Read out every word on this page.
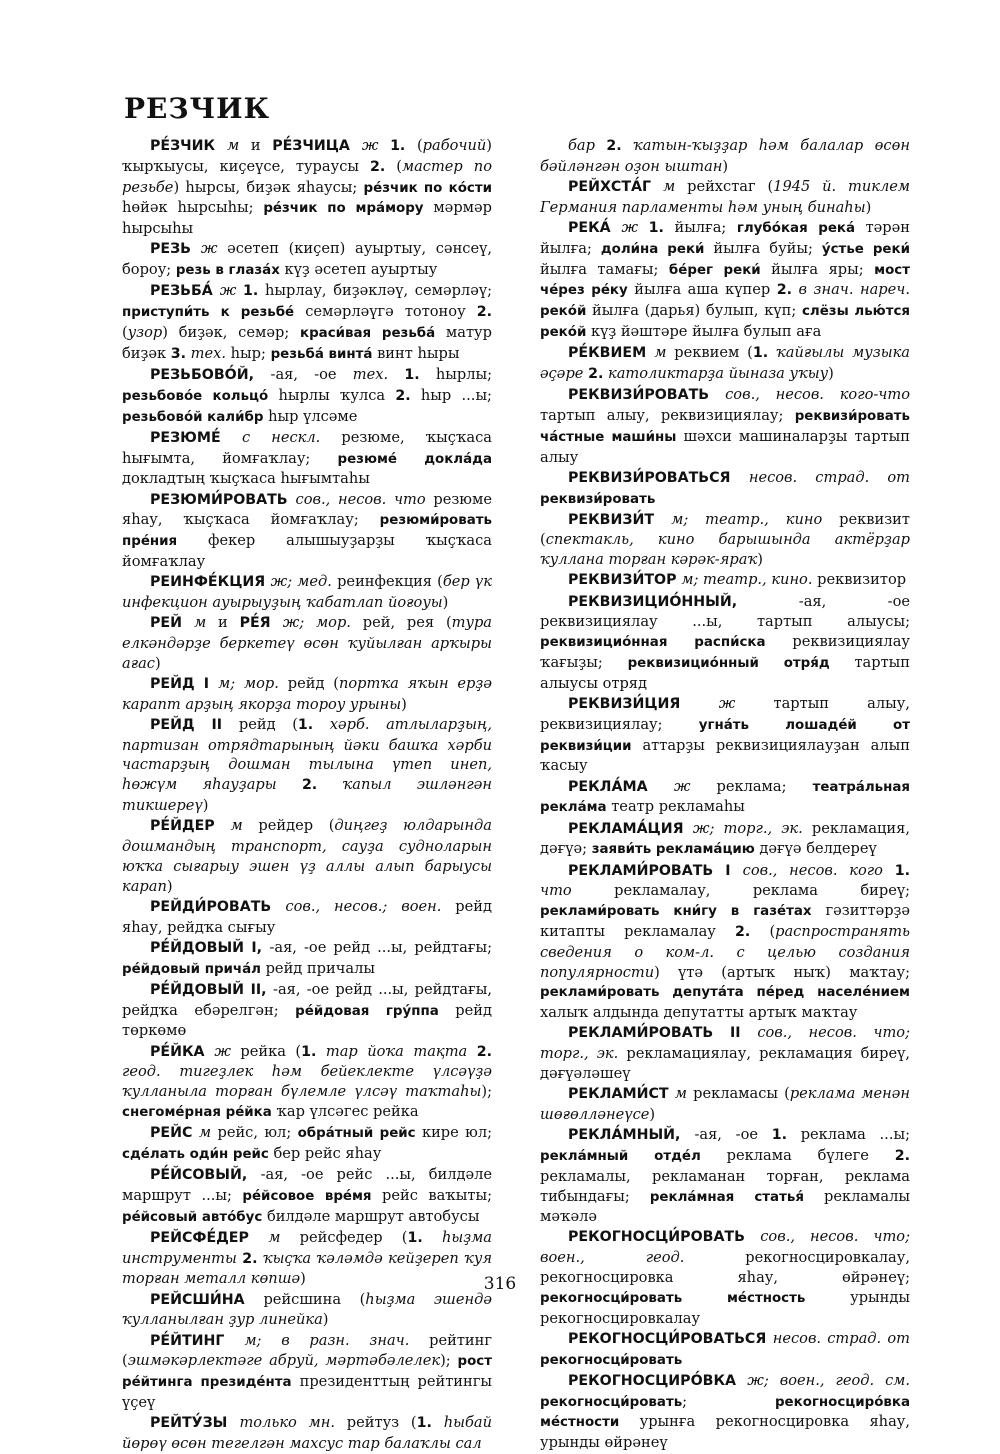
РЕЗЧИК

РЕ́ЗЧИК м и РЕ́ЗЧИЦА ж 1. (рабочий) ҡырҡыусы, киҫеүсе, тураусы 2. (мастер по резьбе) һырсы, биҙәк яһаусы; ре́зчик по ко́сти һөйәк һырсыһы; ре́зчик по мра́мору мәрмәр һырсыһы

РЕЗЬ ж әсетеп (киҫеп) ауыртыу, сәнсеү, бороу; резь в глаза́х күҙ әсетеп ауыртыу

РЕЗЬБА́ ж 1. һырлау, биҙәкләү, семәрләү; приступи́ть к резьбе́ семәрләүгә тотоноу 2. (узор) биҙәк, семәр; краси́вая резьба́ матур биҙәк 3. тех. һыр; резьба́ винта́ винт һыры

РЕЗЬБОВО́Й, -ая, -ое тех. 1. һырлы; резьбово́е кольцо́ һырлы ҡулса 2. һыр ...ы; резьбово́й кали́бр һыр үлсәме

РЕЗЮМЕ́ с нескл. резюме, ҡыҫҡаса һығымта, йомғаҡлау; резюме́ докла́да докладтың ҡыҫҡаса һығымтаһы

РЕЗЮМИ́РОВАТЬ сов., несов. что резюме яһау, ҡыҫҡаса йомғаҡлау; резюми́ровать пре́ния фекер алышыуҙарҙы ҡыҫҡаса йомғаҡлау

РЕИНФЕ́КЦИЯ ж; мед. реинфекция (бер үк инфекцион ауырыуҙың ҡабатлап йоғоуы)

РЕЙ м и РЕ́Я ж; мор. рей, рея (тура елкәндәрҙе беркетеү өсөн ҡуйылған арҡыры ағас)

РЕЙД I м; мор. рейд (портҡа яҡын ерҙә карапт арҙың якорҙа тороу урыны)

РЕЙД II рейд (1. хәрб. атлыларҙың, партизан отрядтарының йәки башҡа хәрби частарҙың дошман тылына үтеп инеп, һөжүм яһауҙары 2. ҡапыл эшләнгән тикшереү)

РЕ́ЙДЕР м рейдер (диңгеҙ юлдарында дошмандың транспорт, сауҙа судноларын юҡҡа сығарыу эшен үҙ аллы алып барыусы карап)

РЕЙДИ́РОВАТЬ сов., несов.; воен. рейд яһау, рейдҡа сығыу

РЕ́ЙДОВЫЙ I, -ая, -ое рейд ...ы, рейдтағы; ре́йдовый прича́л рейд причалы

РЕ́ЙДОВЫЙ II, -ая, -ое рейд ...ы, рейдтағы, рейдҡа ебәрелгән; ре́йдовая гру́ппа рейд төркөмө

РЕ́ЙКА ж рейка (1. тар йоҡа тақта 2. геод. тигеҙлек һәм бейеклекте үлсәүҙә ҡулланыла торған бүлемле үлсәү таҡтаһы); снегоме́рная ре́йка ҡар үлсәгес рейка

РЕЙС м рейс, юл; обра́тный рейс кире юл; сде́лать оди́н рейс бер рейс яһау

РЕ́ЙСОВЫЙ, -ая, -ое рейс ...ы, билдәле маршрут ...ы; ре́йсовое вре́мя рейс ваҡыты; ре́йсовый авто́бус билдәле маршрут автобусы

РЕЙСФЕ́ДЕР м рейсфедер (1. һыҙма инструменты 2. ҡыҫҡа ҡәләмдә кейҙереп ҡуя торған металл көпшә)

РЕЙСШИ́НА рейсшина (һыҙма эшендә ҡулланылған ҙур линейка)

РЕ́ЙТИНГ м; в разн. знач. рейтинг (эшмәкәрлектәге абруй, мәртәбәлелек); рост ре́йтинга президе́нта президенттың рейтингы үҫеү

РЕЙТУ́ЗЫ только мн. рейтуз (1. һыбай йөрөү өсөн тегелгән махсус тар балаҡлы сал

бар 2. ҡатын-ҡыҙҙар һәм балалар өсөн бәйләнгән оҙон ыштан)

РЕЙХСТА́Г м рейхстаг (1945 й. тиклем Германия парламенты һәм уның бинаһы)

РЕКА́ ж 1. йылға; глубо́кая река́ тәрән йылға; доли́на реки́ йылға буйы; у́стье реки́ йылға тамағы; бе́рег реки́ йылға яры; мост че́рез ре́ку йылға аша күпер 2. в знач. нареч. реко́й йылға (дарья) булып, күп; слёзы лью́тся реко́й күҙ йәштәре йылға булып аға

РЕ́КВИЕМ м реквием (1. ҡайғылы музыка әҫәре 2. католиктарҙа йыназа уҡыу)

РЕКВИЗИ́РОВАТЬ сов., несов. кого-что тартып алыу, реквизициялау; реквизи́ровать ча́стные маши́ны шәхси машиналарҙы тартып алыу

РЕКВИЗИ́РОВАТЬСЯ несов. страд. от реквизи́ровать

РЕКВИЗИ́Т м; театр., кино реквизит (спектакль, кино барышында актёрҙар ҡуллана торған кәрәк-яраҡ)

РЕКВИЗИ́ТОР м; театр., кино. реквизитор

РЕКВИЗИЦИО́ННЫЙ, -ая, -ое реквизициялау ...ы, тартып алыусы; реквизицио́нная распи́ска реквизициялау ҡағыҙы; реквизицио́нный отря́д тартып алыусы отряд

РЕКВИЗИ́ЦИЯ ж тартып алыу, реквизициялау; угна́ть лошаде́й от реквизи́ции аттарҙы реквизициялауҙан алып ҡасыу

РЕКЛА́МА ж реклама; театра́льная рекла́ма театр рекламаһы

РЕКЛАМА́ЦИЯ ж; торг., эк. рекламация, дәғүә; заяви́ть реклама́цию дәғүә белдереү

РЕКЛАМИ́РОВАТЬ I сов., несов. кого 1. что рекламалау, реклама биреү; реклами́ровать кни́гу в газе́тах гәзиттәрҙә китапты рекламалау 2. (распространять сведения о ком-л. с целью создания популярности) үтә (артыҡ ныҡ) маҡтау; реклами́ровать депута́та пе́ред населе́нием халыҡ алдында депутатты артыҡ маҡтау

РЕКЛАМИ́РОВАТЬ II сов., несов. что; торг., эк. рекламациялау, рекламация биреү, дәғүәләшеү

РЕКЛАМИ́СТ м рекламасы (реклама менән шөғөлләнеүсе)

РЕКЛА́МНЫЙ, -ая, -ое 1. реклама ...ы; рекла́мный отде́л реклама бүлеге 2. рекламалы, рекламанан торған, реклама тибындағы; рекла́мная статья́ рекламалы мәҡәлә

РЕКОГНОСЦИ́РОВАТЬ сов., несов. что; воен., геод. рекогносцировкалау, рекогносцировка яһау, өйрәнеү; рекогносци́ровать ме́стность урынды рекогносцировкалау

РЕКОГНОСЦИ́РОВАТЬСЯ несов. страд. от рекогносци́ровать

РЕКОГНОСЦИРО́ВКА ж; воен., геод. см. рекогносци́ровать; рекогносциро́вка ме́стности урынға рекогносцировка яһау, урынды өйрәнеү

316
